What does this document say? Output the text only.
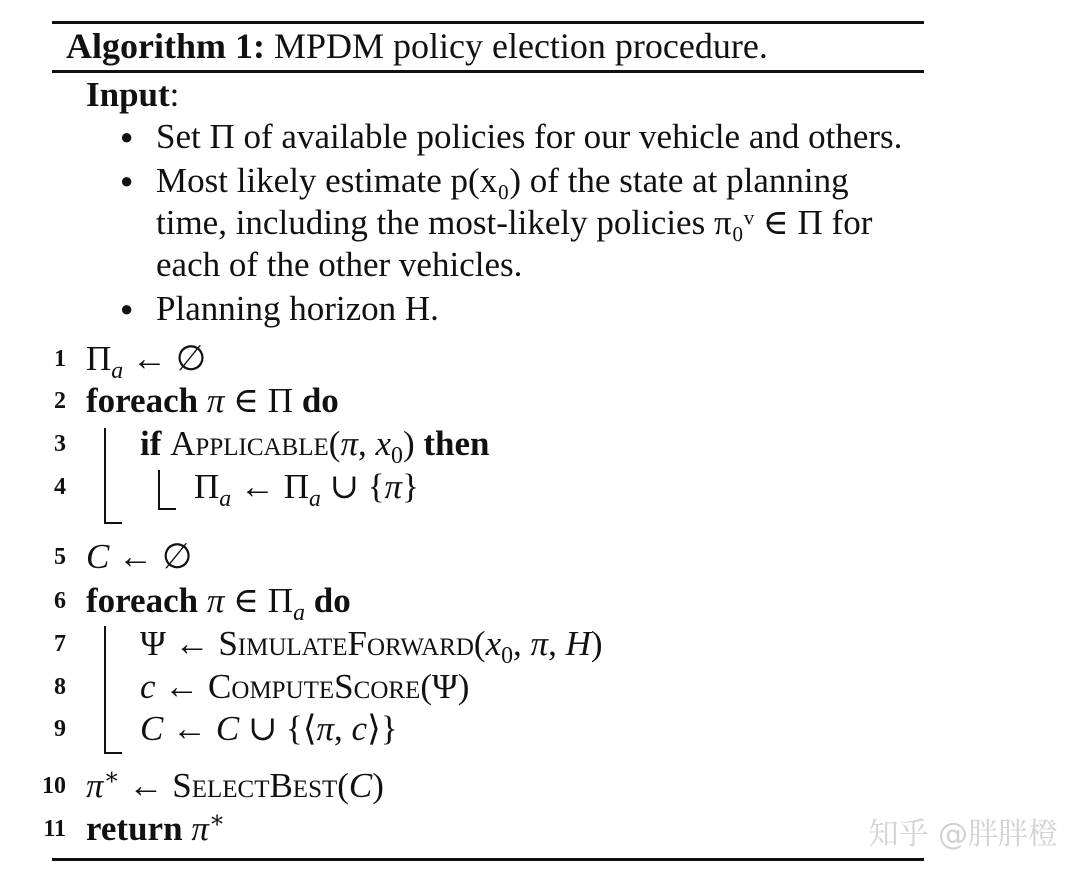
Algorithm 1: MPDM policy election procedure.
Input:
● Set Π of available policies for our vehicle and others.
● Most likely estimate p(x₀) of the state at planning
time, including the most-likely policies π₀ᵛ ∈ Π for
each of the other vehicles.
● Planning horizon H.
1
2
3
4
5
6
7
8
9
10
11
$\Pi_a$ ← ∅
foreach π ∈ Π do
if Applicable(π, $x_0$) then
$\Pi_a$ ← $\Pi_a$ ∪ {π}
C ← ∅
foreach π ∈ $\Pi_a$ do
Ψ ← $SimulateForward(x_0$, π, H)
c ← ComputeScore(Ψ)
C ← C ∪ {⟨π, c⟩}
π∗ ← SelectBest(C)
return π∗	知乎 @胖胖橙
